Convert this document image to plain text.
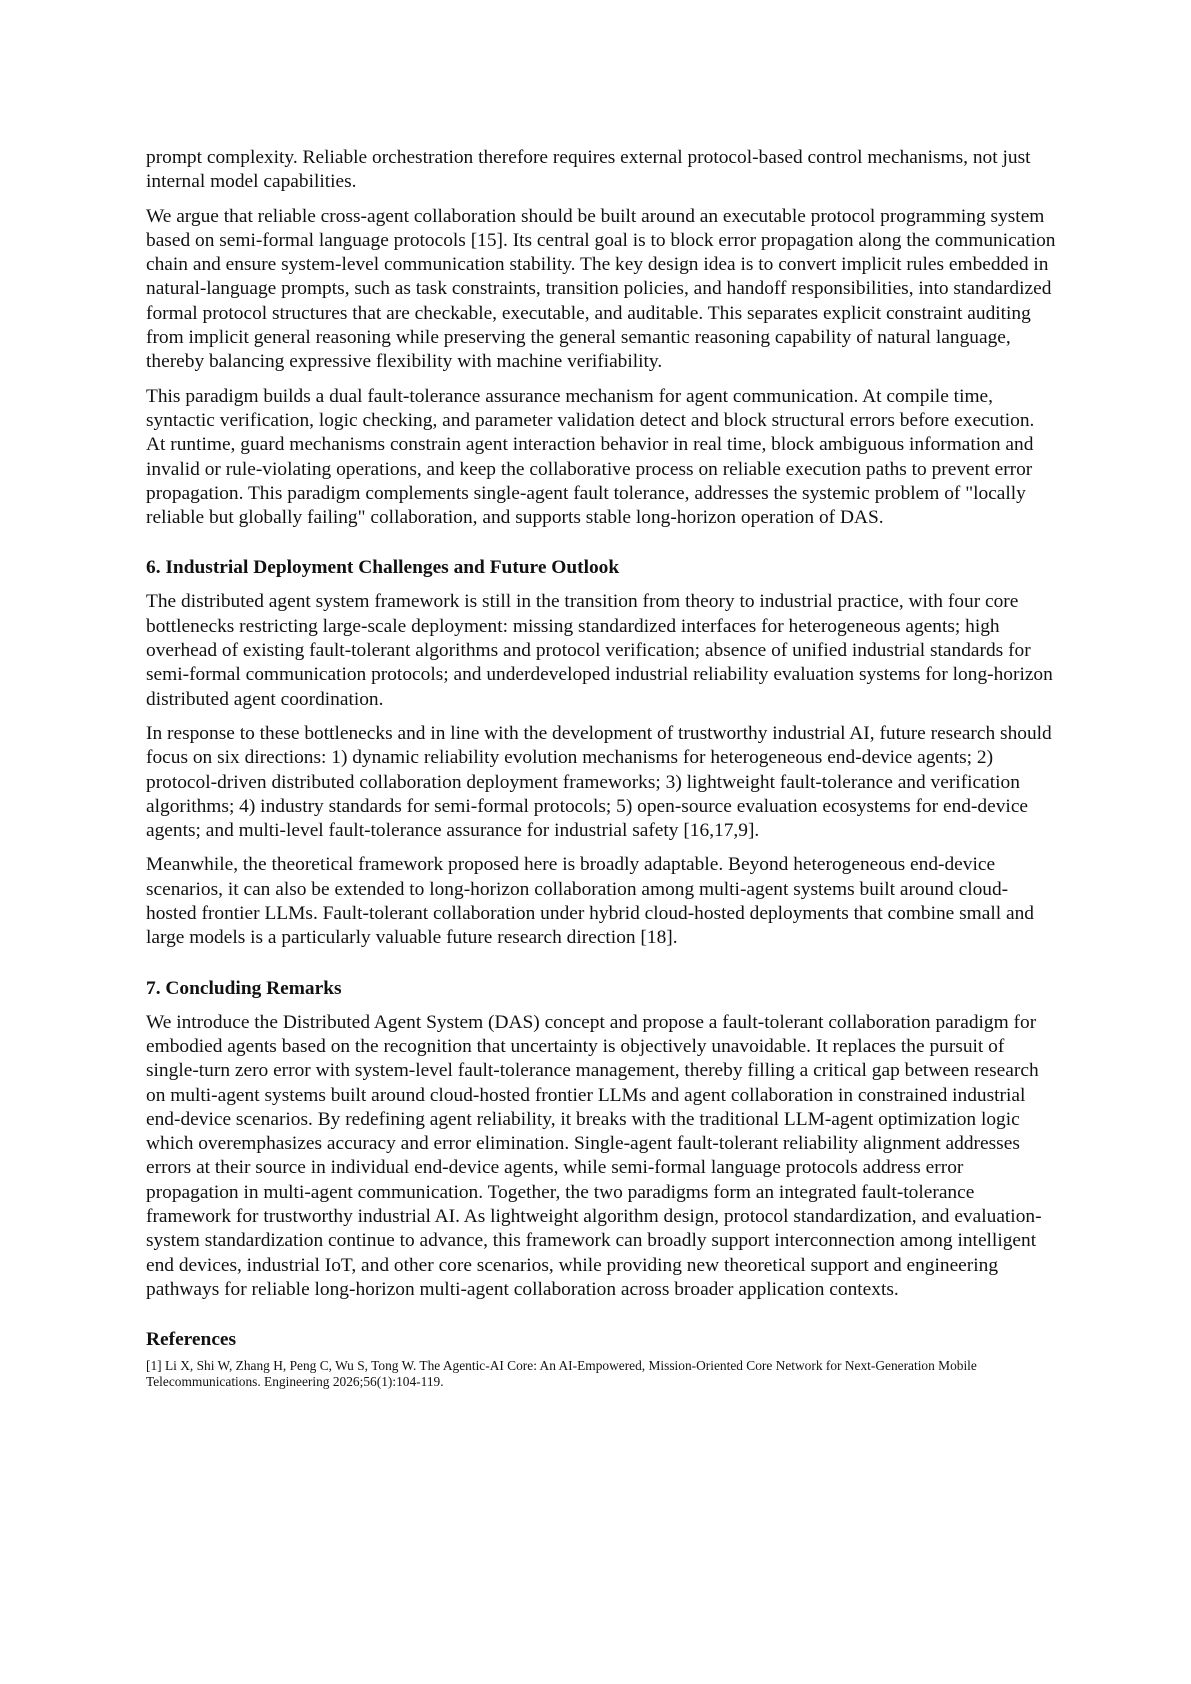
prompt complexity. Reliable orchestration therefore requires external protocol-based control mechanisms, not just internal model capabilities.

We argue that reliable cross-agent collaboration should be built around an executable protocol programming system based on semi-formal language protocols [15]. Its central goal is to block error propagation along the communication chain and ensure system-level communication stability. The key design idea is to convert implicit rules embedded in natural-language prompts, such as task constraints, transition policies, and handoff responsibilities, into standardized formal protocol structures that are checkable, executable, and auditable. This separates explicit constraint auditing from implicit general reasoning while preserving the general semantic reasoning capability of natural language, thereby balancing expressive flexibility with machine verifiability.

This paradigm builds a dual fault-tolerance assurance mechanism for agent communication. At compile time, syntactic verification, logic checking, and parameter validation detect and block structural errors before execution. At runtime, guard mechanisms constrain agent interaction behavior in real time, block ambiguous information and invalid or rule-violating operations, and keep the collaborative process on reliable execution paths to prevent error propagation. This paradigm complements single-agent fault tolerance, addresses the systemic problem of "locally reliable but globally failing" collaboration, and supports stable long-horizon operation of DAS.

6. Industrial Deployment Challenges and Future Outlook

The distributed agent system framework is still in the transition from theory to industrial practice, with four core bottlenecks restricting large-scale deployment: missing standardized interfaces for heterogeneous agents; high overhead of existing fault-tolerant algorithms and protocol verification; absence of unified industrial standards for semi-formal communication protocols; and underdeveloped industrial reliability evaluation systems for long-horizon distributed agent coordination.

In response to these bottlenecks and in line with the development of trustworthy industrial AI, future research should focus on six directions: 1) dynamic reliability evolution mechanisms for heterogeneous end-device agents; 2) protocol-driven distributed collaboration deployment frameworks; 3) lightweight fault-tolerance and verification algorithms; 4) industry standards for semi-formal protocols; 5) open-source evaluation ecosystems for end-device agents; and multi-level fault-tolerance assurance for industrial safety [16,17,9].

Meanwhile, the theoretical framework proposed here is broadly adaptable. Beyond heterogeneous end-device scenarios, it can also be extended to long-horizon collaboration among multi-agent systems built around cloud-hosted frontier LLMs. Fault-tolerant collaboration under hybrid cloud-hosted deployments that combine small and large models is a particularly valuable future research direction [18].

7. Concluding Remarks

We introduce the Distributed Agent System (DAS) concept and propose a fault-tolerant collaboration paradigm for embodied agents based on the recognition that uncertainty is objectively unavoidable. It replaces the pursuit of single-turn zero error with system-level fault-tolerance management, thereby filling a critical gap between research on multi-agent systems built around cloud-hosted frontier LLMs and agent collaboration in constrained industrial end-device scenarios. By redefining agent reliability, it breaks with the traditional LLM-agent optimization logic which overemphasizes accuracy and error elimination. Single-agent fault-tolerant reliability alignment addresses errors at their source in individual end-device agents, while semi-formal language protocols address error propagation in multi-agent communication. Together, the two paradigms form an integrated fault-tolerance framework for trustworthy industrial AI. As lightweight algorithm design, protocol standardization, and evaluation-system standardization continue to advance, this framework can broadly support interconnection among intelligent end devices, industrial IoT, and other core scenarios, while providing new theoretical support and engineering pathways for reliable long-horizon multi-agent collaboration across broader application contexts.

References

[1] Li X, Shi W, Zhang H, Peng C, Wu S, Tong W. The Agentic-AI Core: An AI-Empowered, Mission-Oriented Core Network for Next-Generation Mobile Telecommunications. Engineering 2026;56(1):104-119.
